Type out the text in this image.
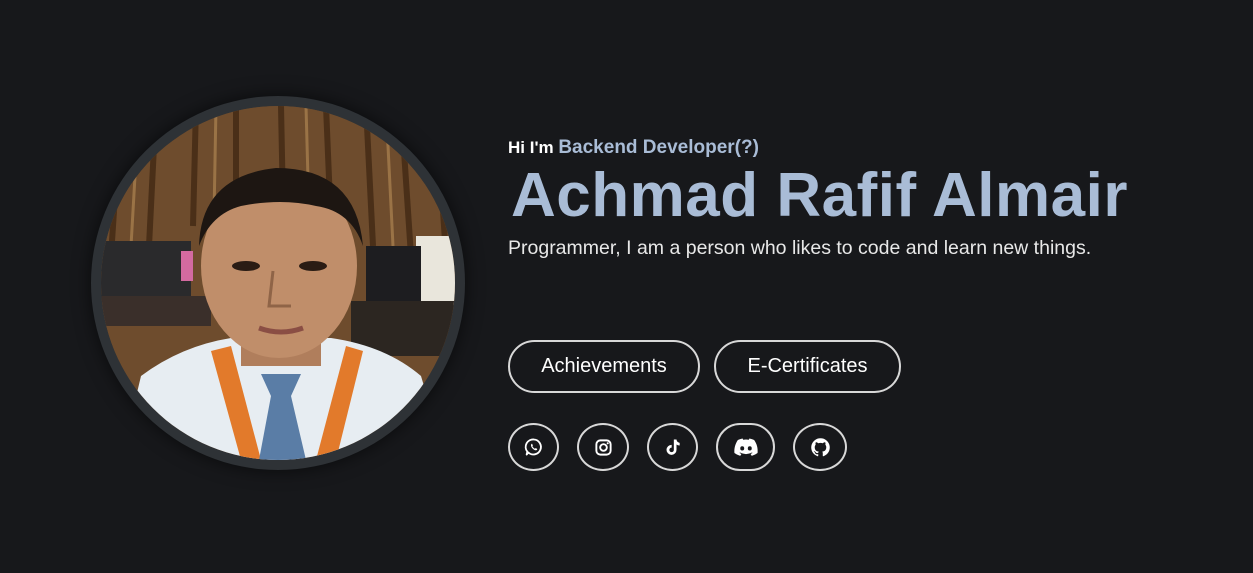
Hi I'm Backend Developer(?)
Achmad Rafif Almair
Programmer, I am a person who likes to code and learn new things.
Achievements	E-Certificates
